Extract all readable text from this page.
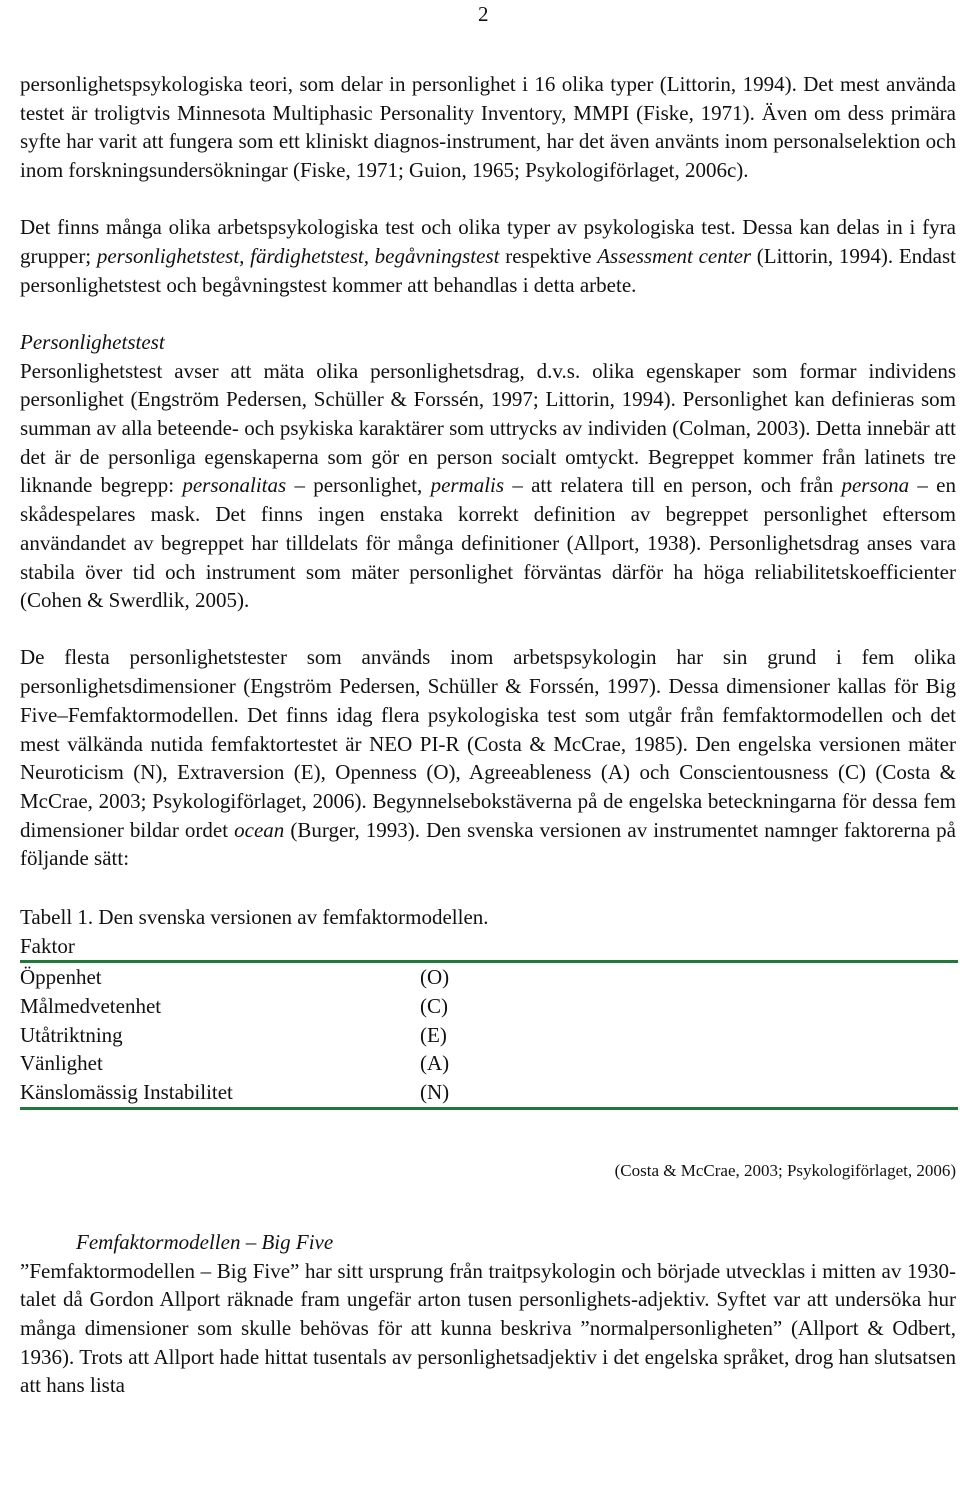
2

personlighetspsykologiska teori, som delar in personlighet i 16 olika typer (Littorin, 1994). Det mest använda testet är troligtvis Minnesota Multiphasic Personality Inventory, MMPI (Fiske, 1971). Även om dess primära syfte har varit att fungera som ett kliniskt diagnos-instrument, har det även använts inom personalselektion och inom forskningsundersökningar (Fiske, 1971; Guion, 1965; Psykologiförlaget, 2006c).

Det finns många olika arbetspsykologiska test och olika typer av psykologiska test. Dessa kan delas in i fyra grupper; personlighetstest, färdighetstest, begåvningstest respektive Assessment center (Littorin, 1994). Endast personlighetstest och begåvningstest kommer att behandlas i detta arbete.

Personlighetstest

Personlighetstest avser att mäta olika personlighetsdrag, d.v.s. olika egenskaper som formar individens personlighet (Engström Pedersen, Schüller & Forssén, 1997; Littorin, 1994). Personlighet kan definieras som summan av alla beteende- och psykiska karaktärer som uttrycks av individen (Colman, 2003). Detta innebär att det är de personliga egenskaperna som gör en person socialt omtyckt. Begreppet kommer från latinets tre liknande begrepp: personalitas – personlighet, permalis – att relatera till en person, och från persona – en skådespelares mask. Det finns ingen enstaka korrekt definition av begreppet personlighet eftersom användandet av begreppet har tilldelats för många definitioner (Allport, 1938). Personlighetsdrag anses vara stabila över tid och instrument som mäter personlighet förväntas därför ha höga reliabilitetskoefficienter (Cohen & Swerdlik, 2005).

De flesta personlighetstester som används inom arbetspsykologin har sin grund i fem olika personlighetsdimensioner (Engström Pedersen, Schüller & Forssén, 1997). Dessa dimensioner kallas för Big Five–Femfaktormodellen. Det finns idag flera psykologiska test som utgår från femfaktormodellen och det mest välkända nutida femfaktortestet är NEO PI-R (Costa & McCrae, 1985). Den engelska versionen mäter Neuroticism (N), Extraversion (E), Openness (O), Agreeableness (A) och Conscientousness (C) (Costa & McCrae, 2003; Psykologiförlaget, 2006). Begynnelsebokstäverna på de engelska beteckningarna för dessa fem dimensioner bildar ordet ocean (Burger, 1993). Den svenska versionen av instrumentet namnger faktorerna på följande sätt:

Tabell 1. Den svenska versionen av femfaktormodellen.

Faktor	
Öppenhet	(O)
Målmedvetenhet	(C)
Utåtriktning	(E)
Vänlighet	(A)
Känslomässig Instabilitet	(N)

(Costa & McCrae, 2003; Psykologiförlaget, 2006)

Femfaktormodellen – Big Five

”Femfaktormodellen – Big Five” har sitt ursprung från traitpsykologin och började utvecklas i mitten av 1930-talet då Gordon Allport räknade fram ungefär arton tusen personlighets-adjektiv. Syftet var att undersöka hur många dimensioner som skulle behövas för att kunna beskriva ”normalpersonligheten” (Allport & Odbert, 1936). Trots att Allport hade hittat tusentals av personlighetsadjektiv i det engelska språket, drog han slutsatsen att hans lista
